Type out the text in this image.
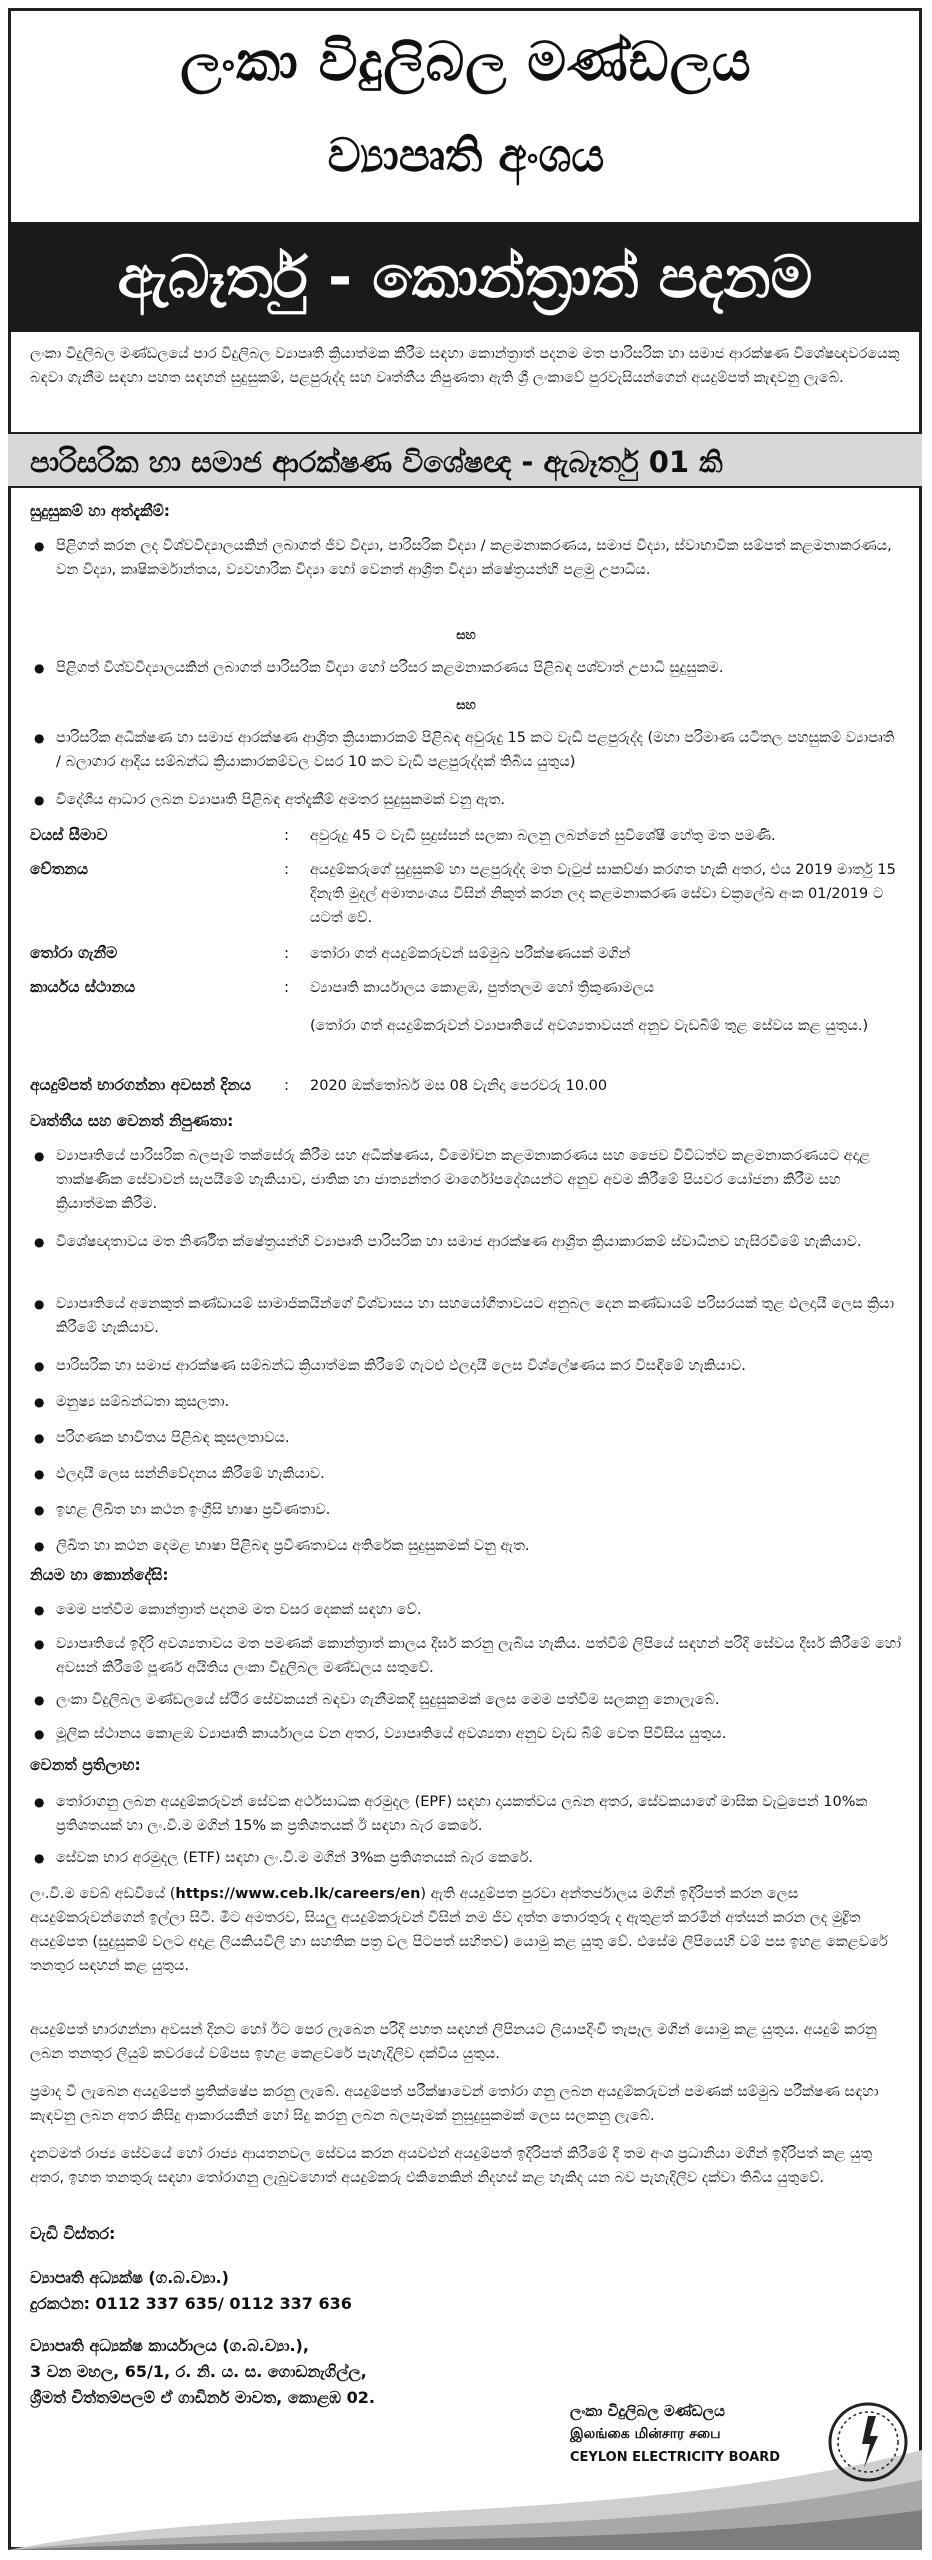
ලංකා විදුලිබල මණ්ඩලය
ව්‍යාපෘති අංශය
ඇබෑර්තු - කොන්ත්‍රාත් පදනම
ලංකා විදුලිබල මණ්ඩලයේ පාර විදුලිබල ව්‍යාපෘති ක්‍රියාත්මක කිරීම සඳහා කොන්ත්‍රාත් පදනම මත පාරිසරික හා සමාජ ආරක්ෂණ විශේෂඥවරයෙකු බඳවා ගැනීම සඳහා පහත සඳහන් සුදුසුකම්, පළපුරුද්ද සහ වෘත්තීය නිපුණතා ඇති ශ්‍රී ලංකාවේ පුරවැසියන්ගෙන් අයදුම්පත් කැඳවනු ලැබේ.
පාරිසරික හා සමාජ ආරක්ෂණ විශේෂඥ - ඇබෑර්තු 01 කි
සුදුසුකම් හා අත්දැකීම්:
● පිළිගත් කරන ලද විශ්වවිද්‍යාලයකින් ලබාගත් ජීව විද්‍යා, පාරිසරික විද්‍යා / කළමනාකරණය, සමාජ විද්‍යා, ස්වාභාවික සම්පත් කළමනාකරණය, වන විද්‍යා, කෘෂිකර්මාන්තය, ව්‍යවහාරික විද්‍යා හෝ වෙනත් ආශ්‍රිත විද්‍යා ක්ෂේත්‍රයන්හි පළමු උපාධිය.
සහ
● පිළිගත් විශ්වවිද්‍යාලයකින් ලබාගත් පාරිසරික විද්‍යා හෝ පරිසර කළමනාකරණය පිළිබඳ පශ්චාත් උපාධි සුදුසුකම.
සහ
● පාරිසරික අධීක්ෂණ හා සමාජ ආරක්ෂණ ආශ්‍රිත ක්‍රියාකාරකම් පිළිබඳ අවුරුදු 15 කට වැඩි පළපුරුද්ද (මහා පරිමාණ යටිතල පහසුකම් ව්‍යාපෘති / බලාගාර ආදිය සම්බන්ධ ක්‍රියාකාරකම්වල වසර 10 කට වැඩි පළපුරුද්දක් තිබිය යුතුය)
● විදේශීය ආධාර ලබන ව්‍යාපෘති පිළිබඳ අත්දැකීම් අමතර සුදුසුකමක් වනු ඇත.
වයස් සීමාව	: අවුරුදු 45 ට වැඩි සුදුස්සන් සලකා බලනු ලබන්නේ සුවිශේෂී හේතු මත පමණි.
වේතනය	: අයදුම්කරුගේ සුදුසුකම් හා පළපුරුද්ද මත වැටුප් සාකච්ඡා කරගත හැකි අතර, එය 2019 මාර්තු 15 දිනැති මුදල් අමාත්‍යංශය විසින් නිකුත් කරන ලද කළමනාකරණ සේවා චක්‍රලේඛ අංක 01/2019 ට යටත් වේ.
තෝරා ගැනීම	: තෝරා ගත් අයදුම්කරුවන් සම්මුඛ පරීක්ෂණයක් මගින්
කාර්යය ස්ථානය	: ව්‍යාපෘති කාර්යාලය කොළඹ, පුත්තලම හෝ ත්‍රිකුණාමලය
(තෝරා ගත් අයදුම්කරුවන් ව්‍යාපෘතියේ අවශ්‍යතාවයන් අනුව වැඩබිම් තුළ සේවය කළ යුතුය.)
අයදුම්පත් භාරගන්නා අවසන් දිනය : 2020 ඔක්තෝබර් මස 08 වැනිදා පෙරවරු 10.00
වෘත්තීය සහ වෙනත් නිපුණතා:
● ව්‍යාපෘතියේ පාරිසරික බලපෑම් තක්සේරු කිරීම සහ අධීක්ෂණය, විමෝචන කළමනාකරණය සහ ජෛව විවිධත්ව කළමනාකරණයට අදාළ තාක්ෂණික සේවාවන් සැපයීමේ හැකියාව, ජාතික හා ජාත්‍යන්තර මාර්ගෝපදේශයන්ට අනුව අවම කිරීමේ පියවර යෝජනා කිරීම සහ ක්‍රියාත්මක කිරීම.
● විශේෂඥතාවය මත නිර්ණීත ක්ෂේත්‍රයන්හි ව්‍යාපෘති පාරිසරික හා සමාජ ආරක්ෂණ ආශ්‍රිත ක්‍රියාකාරකම් ස්වාධීනව හැසිරවීමේ හැකියාව.
● ව්‍යාපෘතියේ අනෙකුත් කණ්ඩායම් සාමාජිකයින්ගේ විශ්වාසය හා සහයෝගීතාවයට අනුබල දෙන කණ්ඩායම් පරිසරයක් තුළ ඵලදායී ලෙස ක්‍රියා කිරීමේ හැකියාව.
● පාරිසරික හා සමාජ ආරක්ෂණ සම්බන්ධ ක්‍රියාත්මක කිරීමේ ගැටළු ඵලදායී ලෙස විශ්ලේෂණය කර විසඳීමේ හැකියාව.
● මනුෂ්‍ය සම්බන්ධතා කුසලතා.
● පරිගණක භාවිතය පිළිබඳ කුසලතාවය.
● ඵලදායී ලෙස සන්නිවේදනය කිරීමේ හැකියාව.
● ඉහළ ලිඛිත හා කථන ඉංග්‍රීසි භාෂා ප්‍රවීණතාව.
● ලිඛිත හා කථන දෙමළ භාෂා පිළිබඳ ප්‍රවීණතාවය අතිරේක සුදුසුකමක් වනු ඇත.
නියම හා කොන්දේසි:
● මෙම පත්වීම කොන්ත්‍රාත් පදනම මත වසර දෙකක් සඳහා වේ.
● ව්‍යාපෘතියේ ඉදිරි අවශ්‍යතාවය මත පමණක් කොන්ත්‍රාත් කාලය දීර්ඝ කරනු ලැබිය හැකිය. පත්වීම් ලිපියේ සඳහන් පරිදි සේවය දීර්ඝ කිරීමේ හෝ අවසන් කිරීමේ පූර්ණ අයිතිය ලංකා විදුලිබල මණ්ඩලය සතුවේ.
● ලංකා විදුලිබල මණ්ඩලයේ ස්ථිර සේවකයන් බඳවා ගැනීමකදී සුදුසුකමක් ලෙස මෙම පත්වීම සලකනු නොලැබේ.
● මූලික ස්ථානය කොළඹ ව්‍යාපෘති කාර්යාලය වන අතර, ව්‍යාපෘතියේ අවශ්‍යතා අනුව වැඩ බිම් වෙත පිවිසිය යුතුය.
වෙනත් ප්‍රතිලාභ:
● තෝරාගනු ලබන අයදුම්කරුවන් සේවක අර්ථසාධක අරමුදල (EPF) සඳහා දායකත්වය ලබන අතර, සේවකයාගේ මාසික වැටුපෙන් 10%ක ප්‍රතිශතයක් හා ලං.වි.ම මගින් 15% ක ප්‍රතිශතයක් ඊ සඳහා බැර කෙරේ.
● සේවක භාර අරමුදල (ETF) සඳහා ලං.වි.ම මගින් 3%ක ප්‍රතිශතයක් බැර කෙරේ.
ලං.වි.ම වෙබ් අඩවියේ (https://www.ceb.lk/careers/en) ඇති අයදුම්පත පුරවා අන්තර්ජාලය මගින් ඉදිරිපත් කරන ලෙස අයදුම්කරුවන්ගෙන් ඉල්ලා සිටී. මීට අමතරව, සියලු අයදුම්කරුවන් විසින් නම ජීව දත්ත තොරතුරු ද ඇතුළත් කරමින් අත්සන් කරන ලද මුද්‍රිත අයදුම්පත (සුදුසුකම් වලට අදාළ ලියකියවිලි හා සහතික පත්‍ර වල පිටපත් සහිතව) යොමු කළ යුතු වේ. එසේම ලිපියෙහි වම් පස ඉහළ කෙළවරේ තනතුර සඳහන් කළ යුතුය.
අයදුම්පත් භාරගන්නා අවසන් දිනට හෝ ඊට පෙර ලැබෙන පරිදි පහත සඳහන් ලිපිනයට ලියාපදිංචි තැපෑල මගින් යොමු කළ යුතුය. අයදුම් කරනු ලබන තනතුර ලියුම් කවරයේ වම්පස ඉහළ කෙළවරේ පැහැදිලිව දක්විය යුතුය.
ප්‍රමාද වී ලැබෙන අයදුම්පත් ප්‍රතික්ෂේප කරනු ලැබේ. අයදුම්පත් පරීක්ෂාවෙන් තෝරා ගනු ලබන අයදුම්කරුවන් පමණක් සම්මුඛ පරීක්ෂණ සඳහා කැඳවනු ලබන අතර කිසිදු ආකාරයකින් හෝ සිදු කරනු ලබන බලපෑමක් නුසුදුසුකමක් ලෙස සලකනු ලැබේ.
දැනටමත් රාජ්‍ය සේවයේ හෝ රාජ්‍ය ආයතනවල සේවය කරන අයවළුන් අයදුම්පත් ඉදිරිපත් කිරීමේ දී තම අංශ ප්‍රධානියා මගින් ඉදිරිපත් කළ යුතු අතර, ඉහත තනතුරු සඳහා තෝරාගනු ලැබුවහොත් අයදුම්කරු එකිනෙකින් නිදහස් කළ හැකිද යන බව පැහැදිලිව දක්වා තිබිය යුතුවේ.
වැඩි විස්තර:
ව්‍යාපෘති අධ්‍යක්ෂ (ග.බ.ව්‍යා.)
දුරකථන: 0112 337 635/ 0112 337 636
ව්‍යාපෘති අධ්‍යක්ෂ කාර්යාලය (ග.බ.ව්‍යා.),
3 වන මහල, 65/1, ර. නි. ය. ස. ගොඩනැගිල්ල,
ශ්‍රීමත් චිත්තම්පලම් ඒ ගාඩිනර් මාවත, කොළඹ 02.
ලංකා විදුලිබල මණ්ඩලය
இலங்கை மின்சார சபை
CEYLON ELECTRICITY BOARD
